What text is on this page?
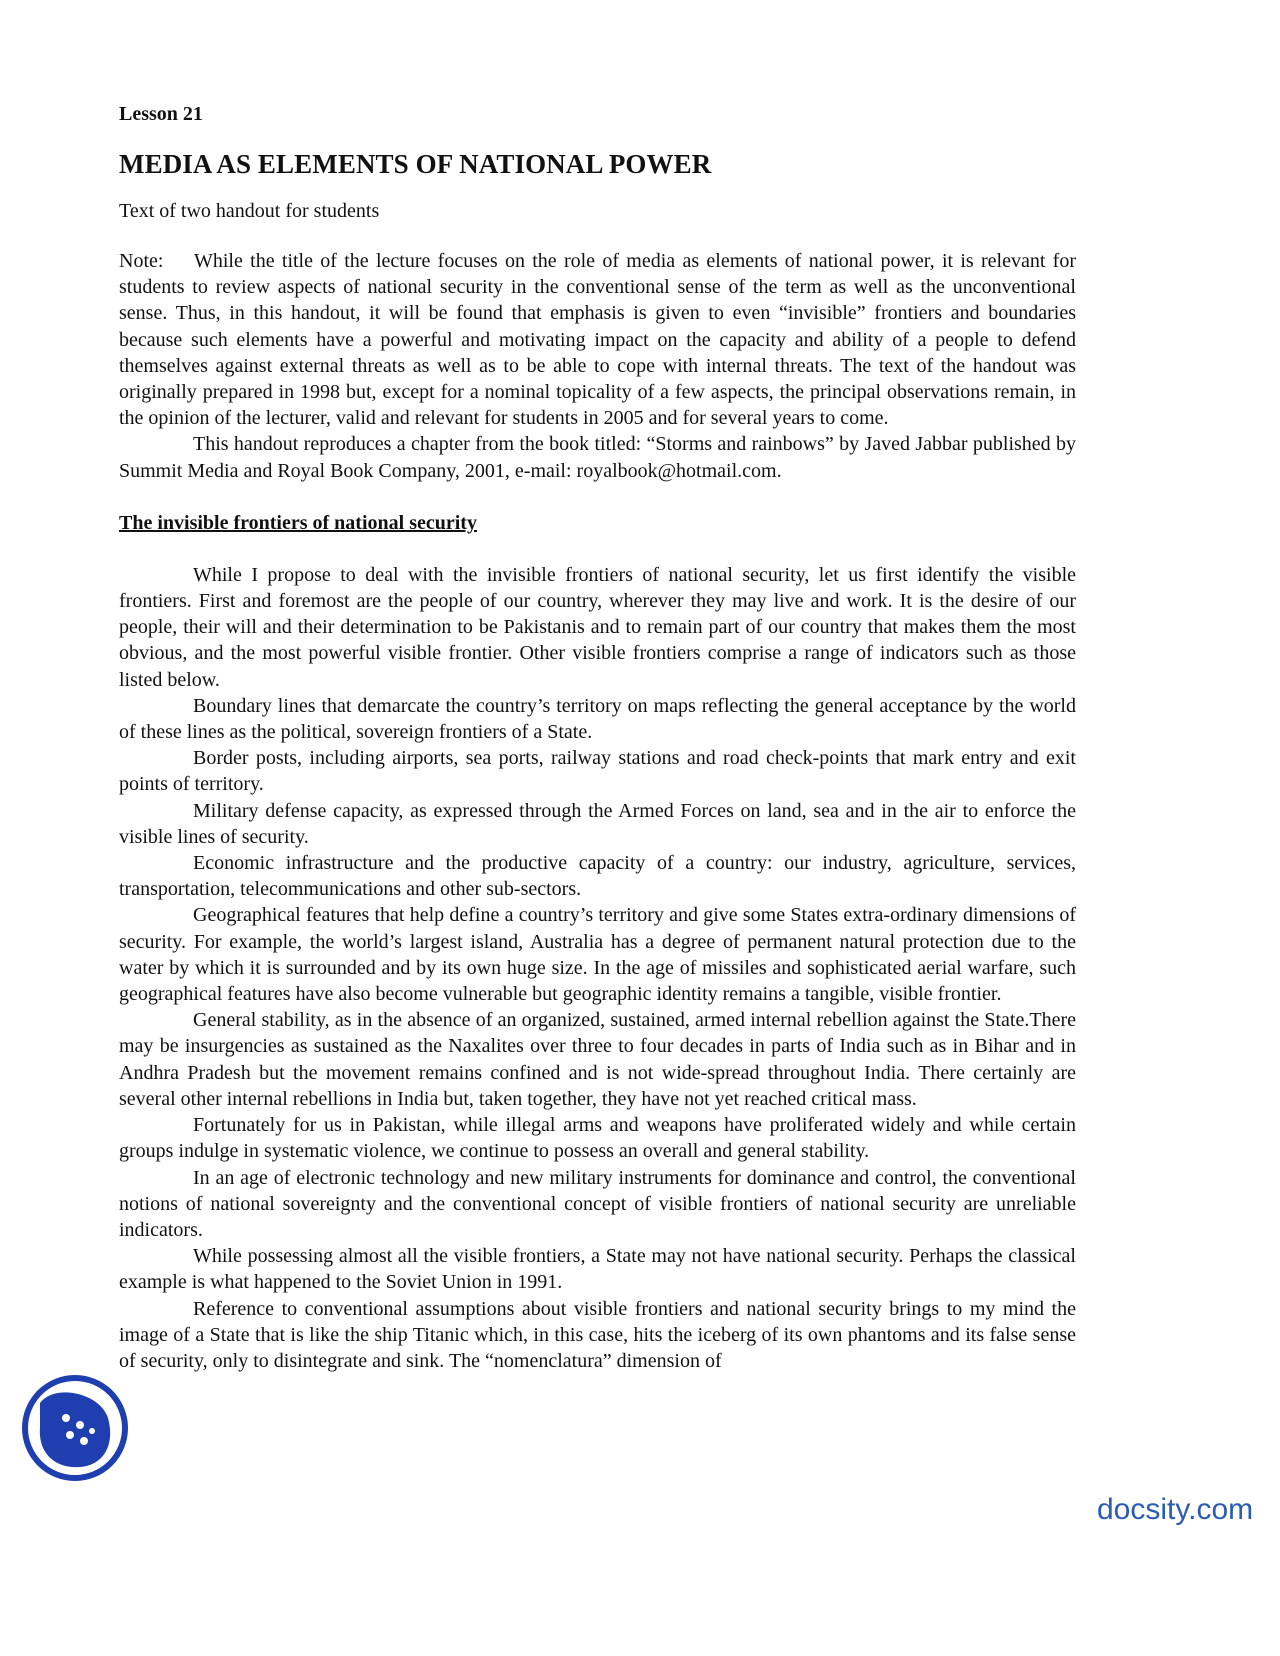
Lesson 21

MEDIA AS ELEMENTS OF NATIONAL POWER

Text of two handout for students

Note: While the title of the lecture focuses on the role of media as elements of national power, it is relevant for students to review aspects of national security in the conventional sense of the term as well as the unconventional sense. Thus, in this handout, it will be found that emphasis is given to even “invisible” frontiers and boundaries because such elements have a powerful and motivating impact on the capacity and ability of a people to defend themselves against external threats as well as to be able to cope with internal threats. The text of the handout was originally prepared in 1998 but, except for a nominal topicality of a few aspects, the principal observations remain, in the opinion of the lecturer, valid and relevant for students in 2005 and for several years to come.

This handout reproduces a chapter from the book titled: “Storms and rainbows” by Javed Jabbar published by Summit Media and Royal Book Company, 2001, e-mail: royalbook@hotmail.com.

The invisible frontiers of national security

While I propose to deal with the invisible frontiers of national security, let us first identify the visible frontiers. First and foremost are the people of our country, wherever they may live and work. It is the desire of our people, their will and their determination to be Pakistanis and to remain part of our country that makes them the most obvious, and the most powerful visible frontier. Other visible frontiers comprise a range of indicators such as those listed below.

Boundary lines that demarcate the country’s territory on maps reflecting the general acceptance by the world of these lines as the political, sovereign frontiers of a State.

Border posts, including airports, sea ports, railway stations and road check-points that mark entry and exit points of territory.

Military defense capacity, as expressed through the Armed Forces on land, sea and in the air to enforce the visible lines of security.

Economic infrastructure and the productive capacity of a country: our industry, agriculture, services, transportation, telecommunications and other sub-sectors.

Geographical features that help define a country’s territory and give some States extra-ordinary dimensions of security. For example, the world’s largest island, Australia has a degree of permanent natural protection due to the water by which it is surrounded and by its own huge size. In the age of missiles and sophisticated aerial warfare, such geographical features have also become vulnerable but geographic identity remains a tangible, visible frontier.

General stability, as in the absence of an organized, sustained, armed internal rebellion against the State.There may be insurgencies as sustained as the Naxalites over three to four decades in parts of India such as in Bihar and in Andhra Pradesh but the movement remains confined and is not wide-spread throughout India. There certainly are several other internal rebellions in India but, taken together, they have not yet reached critical mass.

Fortunately for us in Pakistan, while illegal arms and weapons have proliferated widely and while certain groups indulge in systematic violence, we continue to possess an overall and general stability.

In an age of electronic technology and new military instruments for dominance and control, the conventional notions of national sovereignty and the conventional concept of visible frontiers of national security are unreliable indicators.

While possessing almost all the visible frontiers, a State may not have national security. Perhaps the classical example is what happened to the Soviet Union in 1991.

Reference to conventional assumptions about visible frontiers and national security brings to my mind the image of a State that is like the ship Titanic which, in this case, hits the iceberg of its own phantoms and its false sense of security, only to disintegrate and sink. The “nomenclatura” dimension of

docsity.com
